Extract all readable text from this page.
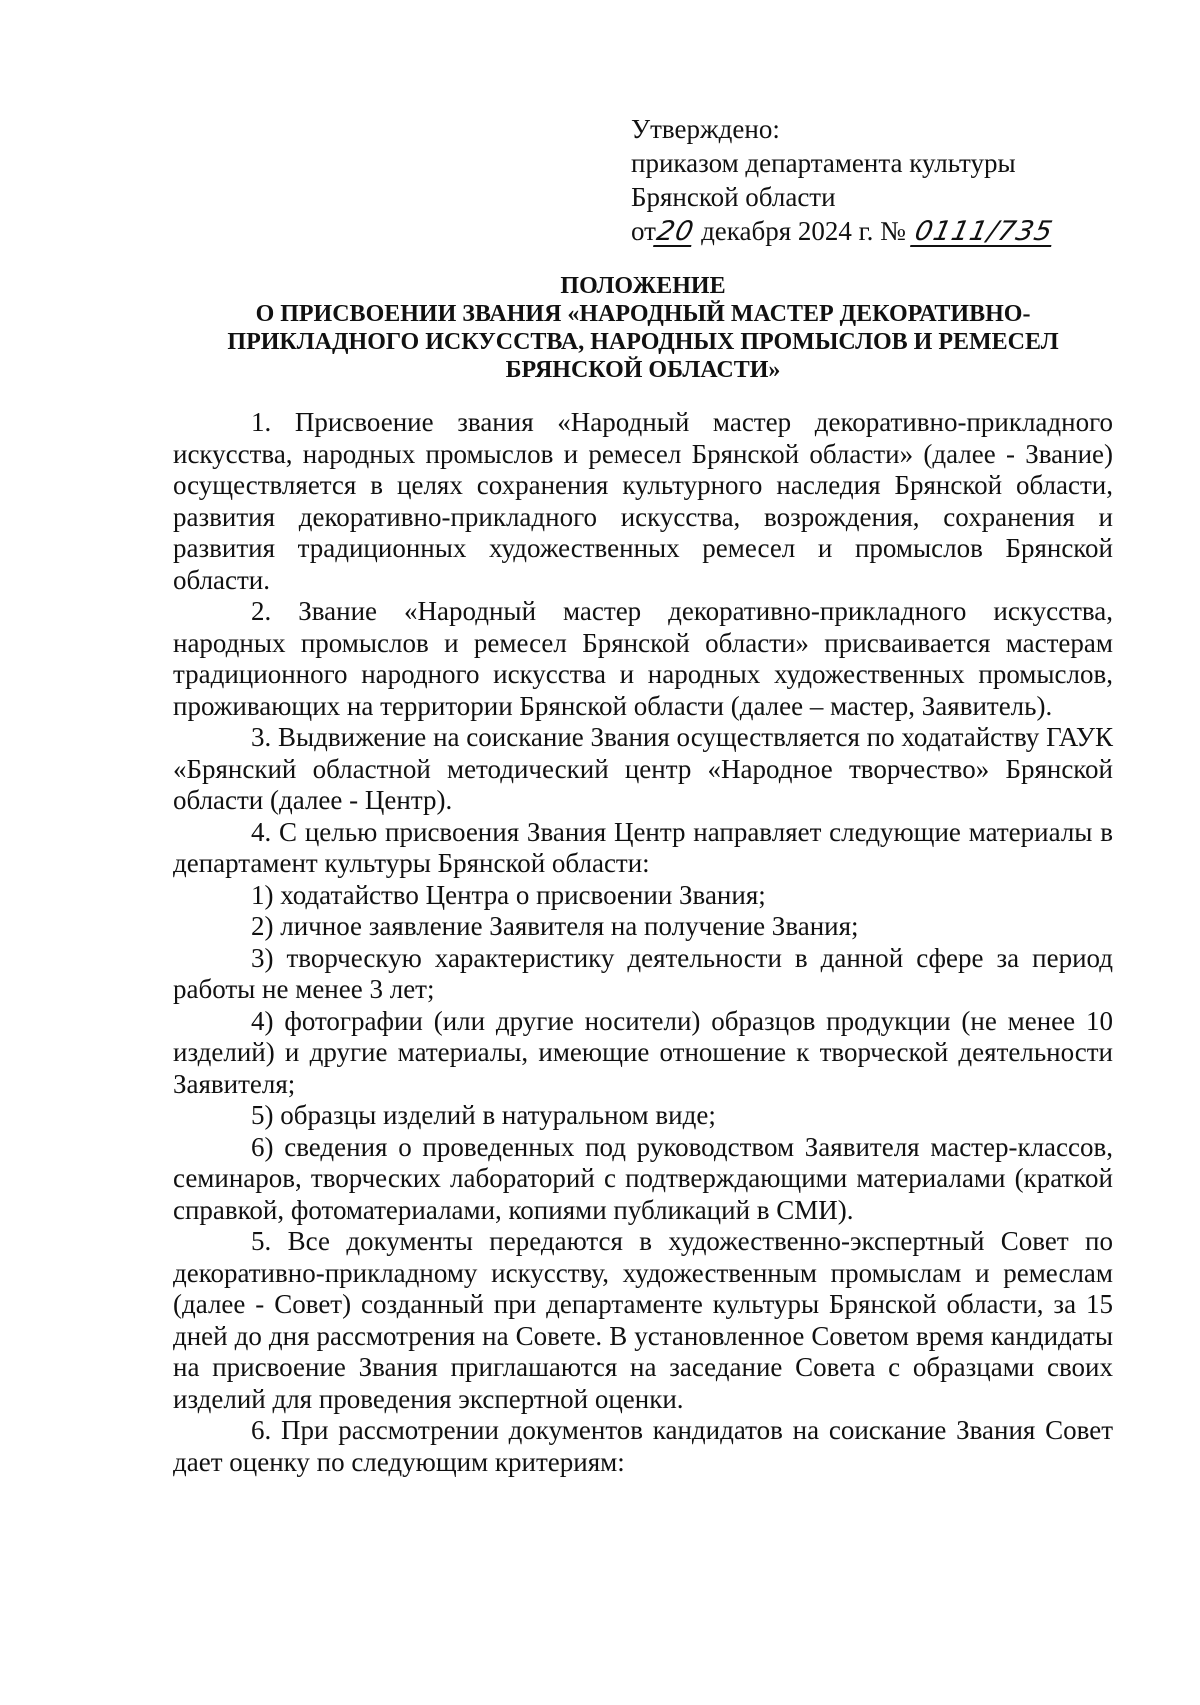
Утверждено:
приказом департамента культуры
Брянской области
от20 декабря 2024 г. № 0111/735
ПОЛОЖЕНИЕ
О ПРИСВОЕНИИ ЗВАНИЯ «НАРОДНЫЙ МАСТЕР ДЕКОРАТИВНО-
ПРИКЛАДНОГО ИСКУССТВА, НАРОДНЫХ ПРОМЫСЛОВ И РЕМЕСЕЛ
БРЯНСКОЙ ОБЛАСТИ»

1. Присвоение звания «Народный мастер декоративно-прикладного искусства, народных промыслов и ремесел Брянской области» (далее - Звание) осуществляется в целях сохранения культурного наследия Брянской области, развития декоративно-прикладного искусства, возрождения, сохранения и развития традиционных художественных ремесел и промыслов Брянской области.

2. Звание «Народный мастер декоративно-прикладного искусства, народных промыслов и ремесел Брянской области» присваивается мастерам традиционного народного искусства и народных художественных промыслов, проживающих на территории Брянской области (далее – мастер, Заявитель).

3. Выдвижение на соискание Звания осуществляется по ходатайству ГАУК «Брянский областной методический центр «Народное творчество» Брянской области (далее - Центр).

4. С целью присвоения Звания Центр направляет следующие материалы в департамент культуры Брянской области:

1) ходатайство Центра о присвоении Звания;

2) личное заявление Заявителя на получение Звания;

3) творческую характеристику деятельности в данной сфере за период работы не менее 3 лет;

4) фотографии (или другие носители) образцов продукции (не менее 10 изделий) и другие материалы, имеющие отношение к творческой деятельности Заявителя;

5) образцы изделий в натуральном виде;

6) сведения о проведенных под руководством Заявителя мастер-классов, семинаров, творческих лабораторий с подтверждающими материалами (краткой справкой, фотоматериалами, копиями публикаций в СМИ).

5. Все документы передаются в художественно-экспертный Совет по декоративно-прикладному искусству, художественным промыслам и ремеслам (далее - Совет) созданный при департаменте культуры Брянской области, за 15 дней до дня рассмотрения на Совете. В установленное Советом время кандидаты на присвоение Звания приглашаются на заседание Совета с образцами своих изделий для проведения экспертной оценки.

6. При рассмотрении документов кандидатов на соискание Звания Совет дает оценку по следующим критериям:
